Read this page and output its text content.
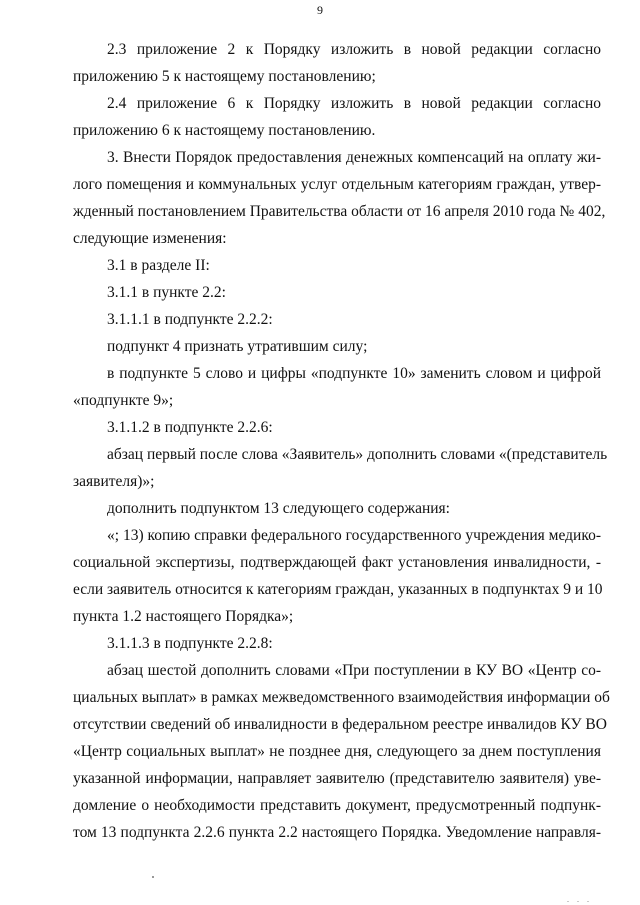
9
2.3 приложение 2 к Порядку изложить в новой редакции согласно
приложению 5 к настоящему постановлению;
2.4 приложение 6 к Порядку изложить в новой редакции согласно
приложению 6 к настоящему постановлению.
3. Внести Порядок предоставления денежных компенсаций на оплату жи-
лого помещения и коммунальных услуг отдельным категориям граждан, утвер-
жденный постановлением Правительства области от 16 апреля 2010 года № 402,
следующие изменения:
3.1 в разделе II:
3.1.1 в пункте 2.2:
3.1.1.1 в подпункте 2.2.2:
подпункт 4 признать утратившим силу;
в подпункте 5 слово и цифры «подпункте 10» заменить словом и цифрой
«подпункте 9»;
3.1.1.2 в подпункте 2.2.6:
абзац первый после слова «Заявитель» дополнить словами «(представитель
заявителя)»;
дополнить подпунктом 13 следующего содержания:
«; 13) копию справки федерального государственного учреждения медико-
социальной экспертизы, подтверждающей факт установления инвалидности, -
если заявитель относится к категориям граждан, указанных в подпунктах 9 и 10
пункта 1.2 настоящего Порядка»;
3.1.1.3 в подпункте 2.2.8:
абзац шестой дополнить словами «При поступлении в КУ ВО «Центр со-
циальных выплат» в рамках межведомственного взаимодействия информации об
отсутствии сведений об инвалидности в федеральном реестре инвалидов КУ ВО
«Центр социальных выплат» не позднее дня, следующего за днем поступления
указанной информации, направляет заявителю (представителю заявителя) уве-
домление о необходимости представить документ, предусмотренный подпунк-
том 13 подпункта 2.2.6 пункта 2.2 настоящего Порядка. Уведомление направля-
. . .
